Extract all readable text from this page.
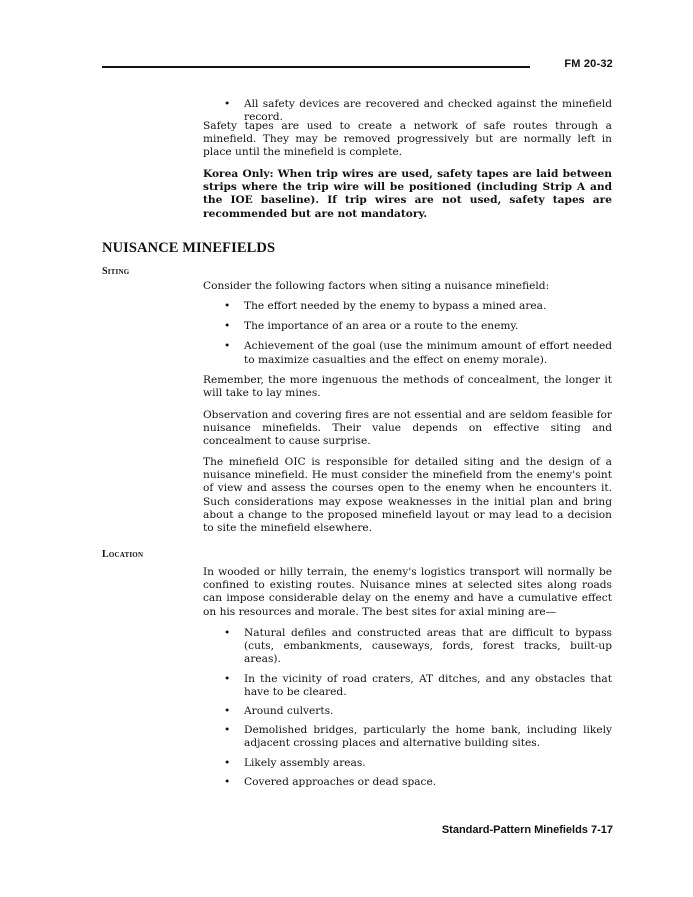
FM 20-32
• All safety devices are recovered and checked against the minefield record.

Safety tapes are used to create a network of safe routes through a minefield. They may be removed progressively but are normally left in place until the minefield is complete.

Korea Only: When trip wires are used, safety tapes are laid between strips where the trip wire will be positioned (including Strip A and the IOE baseline). If trip wires are not used, safety tapes are recommended but are not mandatory.

NUISANCE MINEFIELDS
Siting

Consider the following factors when siting a nuisance minefield:

• The effort needed by the enemy to bypass a mined area.
• The importance of an area or a route to the enemy.
• Achievement of the goal (use the minimum amount of effort needed to maximize casualties and the effect on enemy morale).

Remember, the more ingenuous the methods of concealment, the longer it will take to lay mines.

Observation and covering fires are not essential and are seldom feasible for nuisance minefields. Their value depends on effective siting and concealment to cause surprise.

The minefield OIC is responsible for detailed siting and the design of a nuisance minefield. He must consider the minefield from the enemy's point of view and assess the courses open to the enemy when he encounters it. Such considerations may expose weaknesses in the initial plan and bring about a change to the proposed minefield layout or may lead to a decision to site the minefield elsewhere.

Location

In wooded or hilly terrain, the enemy's logistics transport will normally be confined to existing routes. Nuisance mines at selected sites along roads can impose considerable delay on the enemy and have a cumulative effect on his resources and morale. The best sites for axial mining are—

• Natural defiles and constructed areas that are difficult to bypass (cuts, embankments, causeways, fords, forest tracks, built-up areas).
• In the vicinity of road craters, AT ditches, and any obstacles that have to be cleared.
• Around culverts.
• Demolished bridges, particularly the home bank, including likely adjacent crossing places and alternative building sites.
• Likely assembly areas.
• Covered approaches or dead space.
Standard-Pattern Minefields 7-17
